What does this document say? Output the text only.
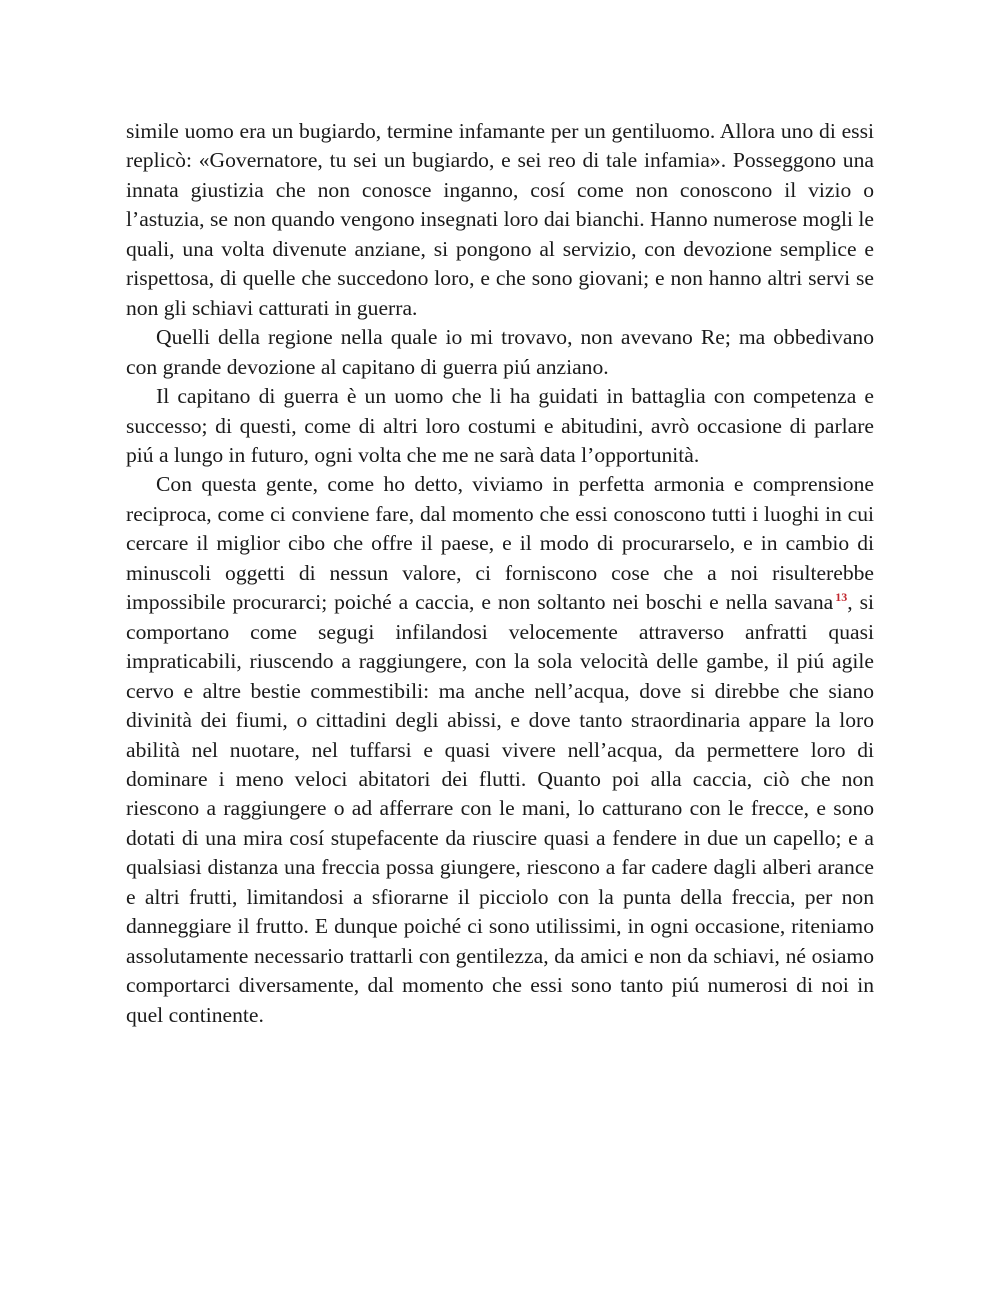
simile uomo era un bugiardo, termine infamante per un gentiluomo. Allora uno di essi replicò: «Governatore, tu sei un bugiardo, e sei reo di tale infamia». Posseggono una innata giustizia che non conosce inganno, cosí come non conoscono il vizio o l’astuzia, se non quando vengono insegnati loro dai bianchi. Hanno numerose mogli le quali, una volta divenute anziane, si pongono al servizio, con devozione semplice e rispettosa, di quelle che succedono loro, e che sono giovani; e non hanno altri servi se non gli schiavi catturati in guerra.

Quelli della regione nella quale io mi trovavo, non avevano Re; ma obbedivano con grande devozione al capitano di guerra piú anziano.

Il capitano di guerra è un uomo che li ha guidati in battaglia con competenza e successo; di questi, come di altri loro costumi e abitudini, avrò occasione di parlare piú a lungo in futuro, ogni volta che me ne sarà data l’opportunità.

Con questa gente, come ho detto, viviamo in perfetta armonia e comprensione reciproca, come ci conviene fare, dal momento che essi conoscono tutti i luoghi in cui cercare il miglior cibo che offre il paese, e il modo di procurarselo, e in cambio di minuscoli oggetti di nessun valore, ci forniscono cose che a noi risulterebbe impossibile procurarci; poiché a caccia, e non soltanto nei boschi e nella savana $^{13}$, si comportano come segugi infilandosi velocemente attraverso anfratti quasi impraticabili, riuscendo a raggiungere, con la sola velocità delle gambe, il piú agile cervo e altre bestie commestibili: ma anche nell’acqua, dove si direbbe che siano divinità dei fiumi, o cittadini degli abissi, e dove tanto straordinaria appare la loro abilità nel nuotare, nel tuffarsi e quasi vivere nell’acqua, da permettere loro di dominare i meno veloci abitatori dei flutti. Quanto poi alla caccia, ciò che non riescono a raggiungere o ad afferrare con le mani, lo catturano con le frecce, e sono dotati di una mira cosí stupefacente da riuscire quasi a fendere in due un capello; e a qualsiasi distanza una freccia possa giungere, riescono a far cadere dagli alberi arance e altri frutti, limitandosi a sfiorarne il picciolo con la punta della freccia, per non danneggiare il frutto. E dunque poiché ci sono utilissimi, in ogni occasione, riteniamo assolutamente necessario trattarli con gentilezza, da amici e non da schiavi, né osiamo comportarci diversamente, dal momento che essi sono tanto piú numerosi di noi in quel continente.
